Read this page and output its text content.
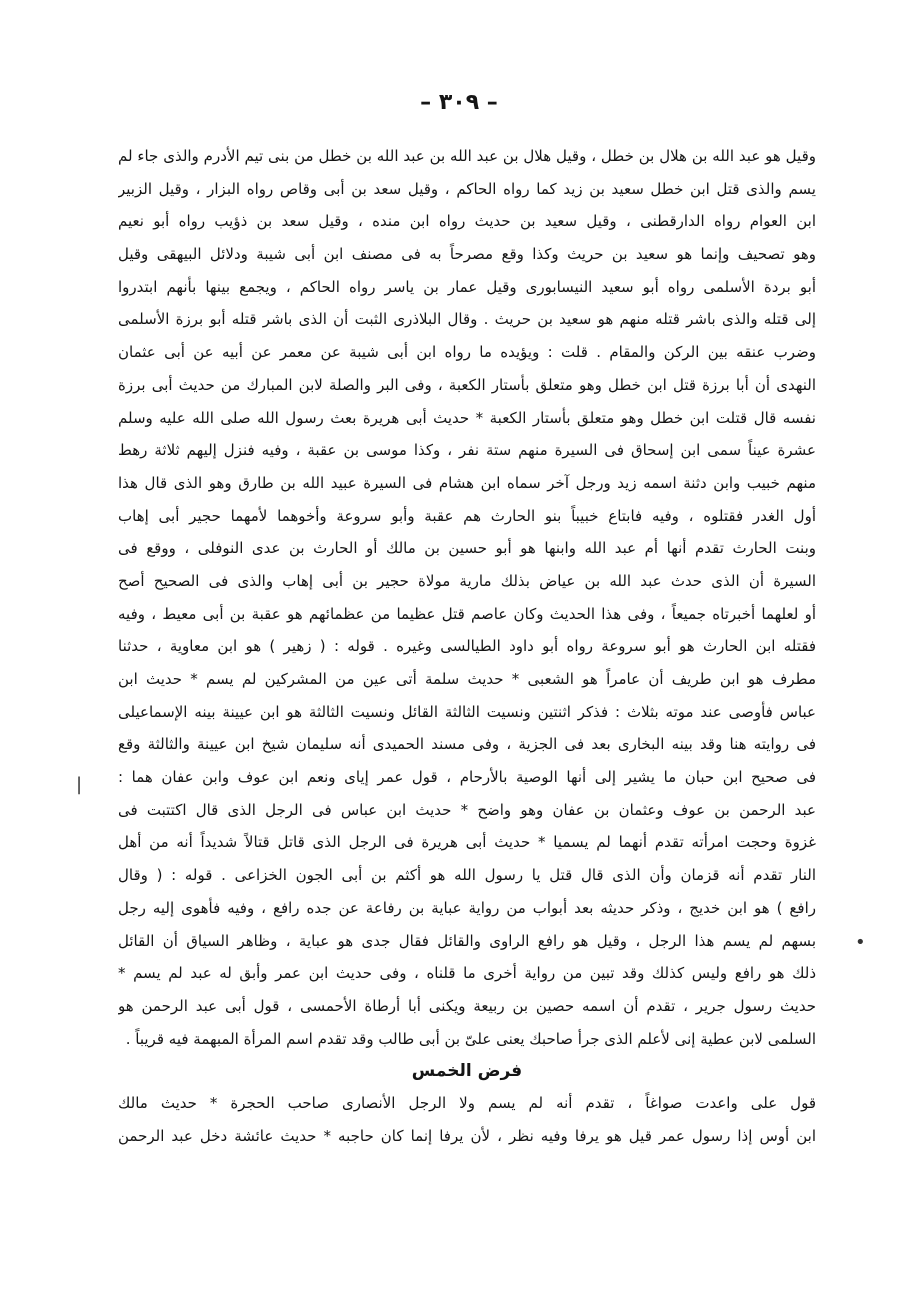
– ٣٠٩ –
وقيل هو عبد الله بن هلال بن خطل ، وقيل هلال بن عبد الله بن عبد الله بن خطل من بنى تيم الأدرم والذى جاء لم
يسم والذى قتل ابن خطل سعيد بن زيد كما رواه الحاكم ، وقيل سعد بن أبى وقاص رواه البزار ، وقيل الزبير
ابن العوام رواه الدارقطنى ، وقيل سعيد بن حديث رواه ابن منده ، وقيل سعد بن ذؤيب رواه أبو نعيم
وهو تصحيف وإنما هو سعيد بن حريث وكذا وقع مصرحاً به فى مصنف ابن أبى شيبة ودلائل البيهقى وقيل
أبو بردة الأسلمى رواه أبو سعيد النيسابورى وقيل عمار بن ياسر رواه الحاكم ، ويجمع بينها بأنهم ابتدروا
إلى قتله والذى باشر قتله منهم هو سعيد بن حريث . وقال البلاذرى الثبت أن الذى باشر قتله أبو برزة الأسلمى
وضرب عنقه بين الركن والمقام . قلت : ويؤيده ما رواه ابن أبى شيبة عن معمر عن أبيه عن أبى عثمان
النهدى أن أبا برزة قتل ابن خطل وهو متعلق بأستار الكعبة ، وفى البر والصلة لابن المبارك من حديث أبى برزة
نفسه قال قتلت ابن خطل وهو متعلق بأستار الكعبة * حديث أبى هريرة بعث رسول الله صلى الله عليه وسلم
عشرة عيناً سمى ابن إسحاق فى السيرة منهم ستة نفر ، وكذا موسى بن عقبة ، وفيه فنزل إليهم ثلاثة رهط
منهم خبيب وابن دثنة اسمه زيد ورجل آخر سماه ابن هشام فى السيرة عبيد الله بن طارق وهو الذى قال هذا
أول الغدر فقتلوه ، وفيه فابتاع خبيباً بنو الحارث هم عقبة وأبو سروعة وأخوهما لأمهما حجير أبى إهاب
وبنت الحارث تقدم أنها أم عبد الله وابنها هو أبو حسين بن مالك أو الحارث بن عدى النوفلى ، ووقع فى
السيرة أن الذى حدث عبد الله بن عياض بذلك مارية مولاة حجير بن أبى إهاب والذى فى الصحيح أصح
أو لعلهما أخبرتاه جميعاً ، وفى هذا الحديث وكان عاصم قتل عظيما من عظمائهم هو عقبة بن أبى معيط ، وفيه
فقتله ابن الحارث هو أبو سروعة رواه أبو داود الطيالسى وغيره . قوله : ( زهير ) هو ابن معاوية ، حدثنا
مطرف هو ابن طريف أن عامراً هو الشعبى * حديث سلمة أتى عين من المشركين لم يسم * حديث ابن
عباس فأوصى عند موته بثلاث : فذكر اثنتين ونسيت الثالثة القائل ونسيت الثالثة هو ابن عيينة بينه الإسماعيلى
فى روايته هنا وقد بينه البخارى بعد فى الجزية ، وفى مسند الحميدى أنه سليمان شيخ ابن عيينة والثالثة وقع
فى صحيح ابن حبان ما يشير إلى أنها الوصية بالأرحام ، قول عمر إياى ونعم ابن عوف وابن عفان هما :
عبد الرحمن بن عوف وعثمان بن عفان وهو واضح * حديث ابن عباس فى الرجل الذى قال اكتتبت فى
غزوة وحجت امرأته تقدم أنهما لم يسميا * حديث أبى هريرة فى الرجل الذى قاتل قتالاً شديداً أنه من أهل
النار تقدم أنه قزمان وأن الذى قال قتل يا رسول الله هو أكثم بن أبى الجون الخزاعى . قوله : ( وقال
رافع ) هو ابن خديج ، وذكر حديثه بعد أبواب من رواية عباية بن رفاعة عن جده رافع ، وفيه فأهوى إليه رجل
بسهم لم يسم هذا الرجل ، وقيل هو رافع الراوى والقائل فقال جدى هو عباية ، وظاهر السياق أن القائل
ذلك هو رافع وليس كذلك وقد تبين من رواية أخرى ما قلناه ، وفى حديث ابن عمر وأبق له عبد لم يسم *
حديث رسول جرير ، تقدم أن اسمه حصين بن ربيعة ويكنى أبا أرطاة الأحمسى ، قول أبى عبد الرحمن هو
السلمى لابن عطية إنى لأعلم الذى جرأ صاحبك يعنى علىّ بن أبى طالب وقد تقدم اسم المرأة المبهمة فيه قريباً .
فرض الخمس
قول على واعدت صواغاً ، تقدم أنه لم يسم ولا الرجل الأنصارى صاحب الحجرة * حديث مالك
ابن أوس إذا رسول عمر قيل هو يرفا وفيه نظر ، لأن يرفا إنما كان حاجبه * حديث عائشة دخل عبد الرحمن
|
•
